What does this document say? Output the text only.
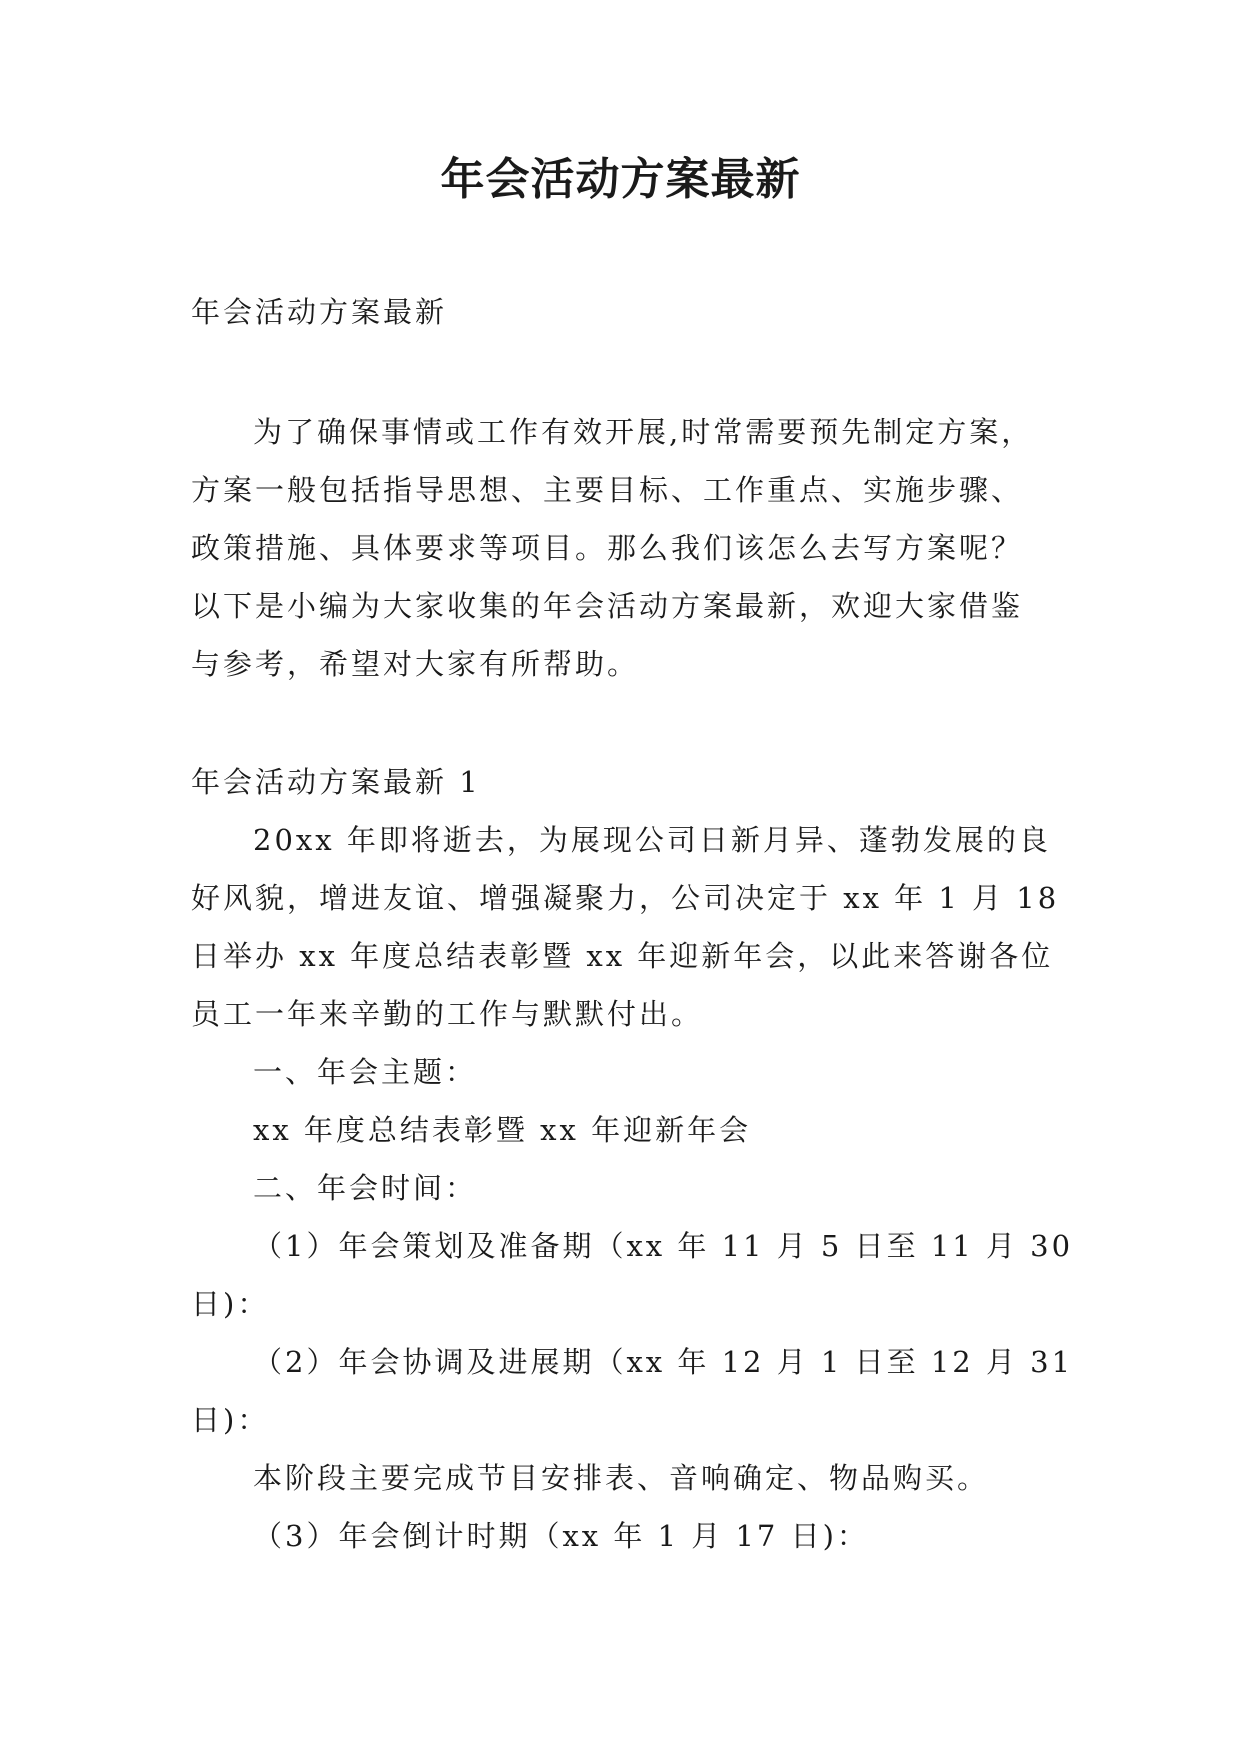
年会活动方案最新
年会活动方案最新
为了确保事情或工作有效开展,时常需要预先制定方案，
方案一般包括指导思想、主要目标、工作重点、实施步骤、
政策措施、具体要求等项目。那么我们该怎么去写方案呢？
以下是小编为大家收集的年会活动方案最新，欢迎大家借鉴
与参考，希望对大家有所帮助。
年会活动方案最新 1
20xx 年即将逝去，为展现公司日新月异、蓬勃发展的良
好风貌，增进友谊、增强凝聚力，公司决定于 xx 年 1 月 18
日举办 xx 年度总结表彰暨 xx 年迎新年会，以此来答谢各位
员工一年来辛勤的工作与默默付出。
一、年会主题：
xx 年度总结表彰暨 xx 年迎新年会
二、年会时间：
（1）年会策划及准备期（xx 年 11 月 5 日至 11 月 30
日)：
（2）年会协调及进展期（xx 年 12 月 1 日至 12 月 31
日)：
本阶段主要完成节目安排表、音响确定、物品购买。
（3）年会倒计时期（xx 年 1 月 17 日)：
